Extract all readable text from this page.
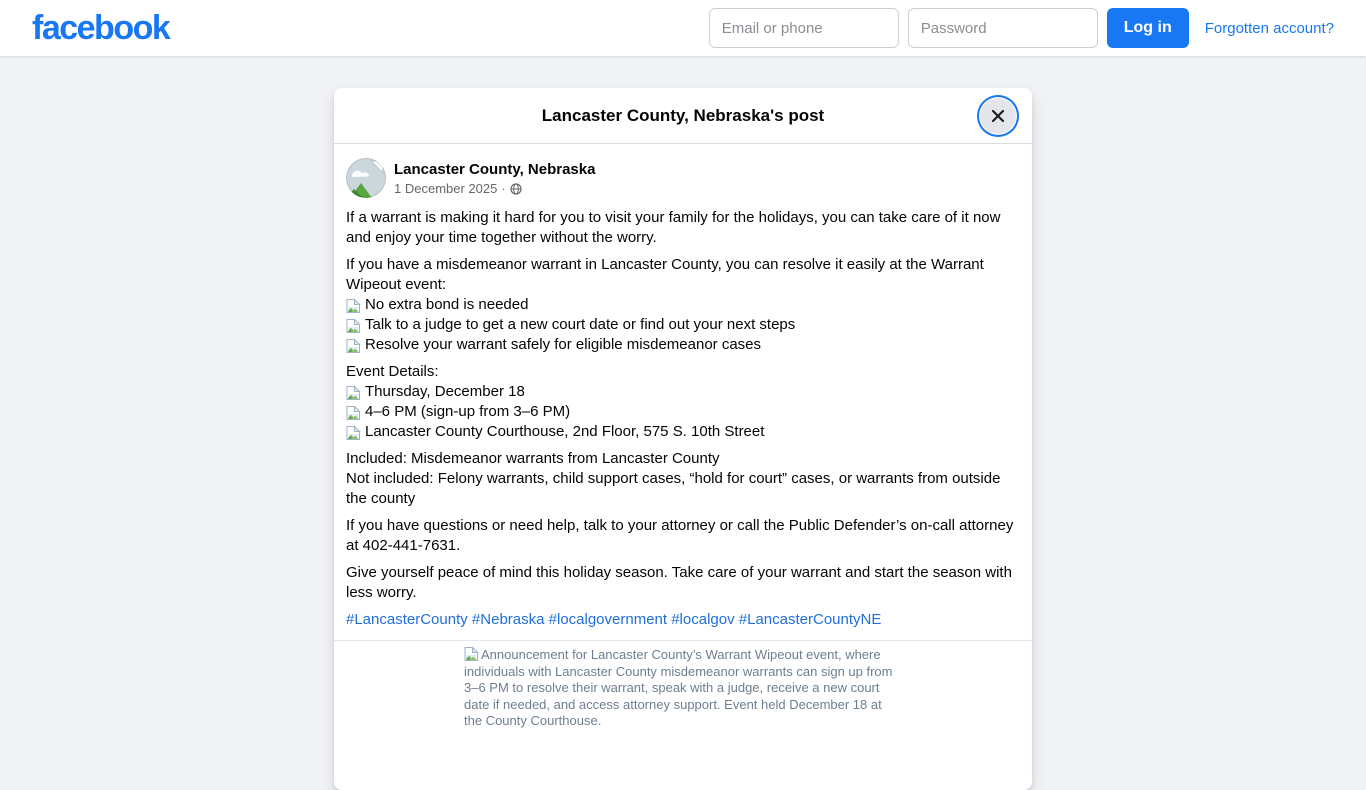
facebook
Email or phone	Log in	Forgotten account?
Lancaster County, Nebraska's post
Lancaster County, Nebraska
1 December 2025 ·

If a warrant is making it hard for you to visit your family for the holidays, you can take care of it now and enjoy your time together without the worry.

If you have a misdemeanor warrant in Lancaster County, you can resolve it easily at the Warrant Wipeout event:

No extra bond is needed
Talk to a judge to get a new court date or find out your next steps
Resolve your warrant safely for eligible misdemeanor cases

Event Details:

Thursday, December 18
4–6 PM (sign-up from 3–6 PM)
Lancaster County Courthouse, 2nd Floor, 575 S. 10th Street

Included: Misdemeanor warrants from Lancaster County

Not included: Felony warrants, child support cases, “hold for court” cases, or warrants from outside the county

If you have questions or need help, talk to your attorney or call the Public Defender’s on-call attorney at 402-441-7631.

Give yourself peace of mind this holiday season. Take care of your warrant and start the season with less worry.

#LancasterCounty #Nebraska #localgovernment #localgov #LancasterCountyNE

Announcement for Lancaster County’s Warrant Wipeout event, where individuals with Lancaster County misdemeanor warrants can sign up from 3–6 PM to resolve their warrant, speak with a judge, receive a new court date if needed, and access attorney support. Event held December 18 at the County Courthouse.
